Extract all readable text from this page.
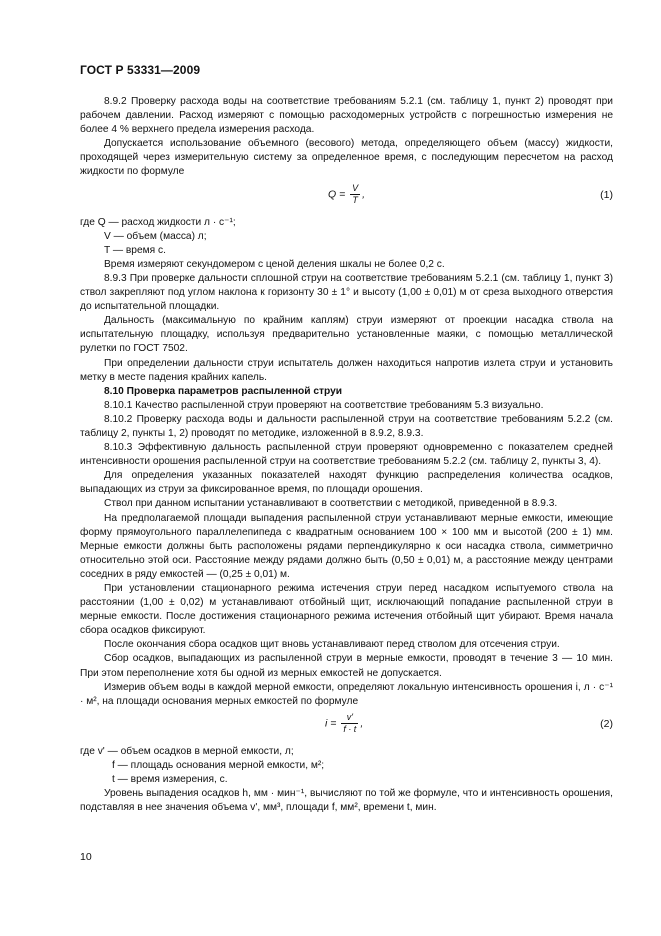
ГОСТ Р 53331—2009

8.9.2 Проверку расхода воды на соответствие требованиям 5.2.1 (см. таблицу 1, пункт 2) проводят при рабочем давлении. Расход измеряют с помощью расходомерных устройств с погрешностью измерения не более 4 % верхнего предела измерения расхода.

Допускается использование объемного (весового) метода, определяющего объем (массу) жидкости, проходящей через измерительную систему за определенное время, с последующим пересчетом на расход жидкости по формуле

$Q = \frac{V}{T}$ ,	(1)

где Q — расход жидкости л · с⁻¹;

V — объем (масса) л;

T — время с.

Время измеряют секундомером с ценой деления шкалы не более 0,2 с.

8.9.3 При проверке дальности сплошной струи на соответствие требованиям 5.2.1 (см. таблицу 1, пункт 3) ствол закрепляют под углом наклона к горизонту 30 ± 1° и высоту (1,00 ± 0,01) м от среза выходного отверстия до испытательной площадки.

Дальность (максимальную по крайним каплям) струи измеряют от проекции насадка ствола на испытательную площадку, используя предварительно установленные маяки, с помощью металлической рулетки по ГОСТ 7502.

При определении дальности струи испытатель должен находиться напротив излета струи и установить метку в месте падения крайних капель.

8.10 Проверка параметров распыленной струи

8.10.1 Качество распыленной струи проверяют на соответствие требованиям 5.3 визуально.

8.10.2 Проверку расхода воды и дальности распыленной струи на соответствие требованиям 5.2.2 (см. таблицу 2, пункты 1, 2) проводят по методике, изложенной в 8.9.2, 8.9.3.

8.10.3 Эффективную дальность распыленной струи проверяют одновременно с показателем средней интенсивности орошения распыленной струи на соответствие требованиям 5.2.2 (см. таблицу 2, пункты 3, 4).

Для определения указанных показателей находят функцию распределения количества осадков, выпадающих из струи за фиксированное время, по площади орошения.

Ствол при данном испытании устанавливают в соответствии с методикой, приведенной в 8.9.3.

На предполагаемой площади выпадения распыленной струи устанавливают мерные емкости, имеющие форму прямоугольного параллелепипеда с квадратным основанием 100 × 100 мм и высотой (200 ± 1) мм. Мерные емкости должны быть расположены рядами перпендикулярно к оси насадка ствола, симметрично относительно этой оси. Расстояние между рядами должно быть (0,50 ± 0,01) м, а расстояние между центрами соседних в ряду емкостей — (0,25 ± 0,01) м.

При установлении стационарного режима истечения струи перед насадком испытуемого ствола на расстоянии (1,00 ± 0,02) м устанавливают отбойный щит, исключающий попадание распыленной струи в мерные емкости. После достижения стационарного режима истечения отбойный щит убирают. Время начала сбора осадков фиксируют.

После окончания сбора осадков щит вновь устанавливают перед стволом для отсечения струи.

Сбор осадков, выпадающих из распыленной струи в мерные емкости, проводят в течение 3 — 10 мин. При этом переполнение хотя бы одной из мерных емкостей не допускается.

Измерив объем воды в каждой мерной емкости, определяют локальную интенсивность орошения i, л · с⁻¹ · м², на площади основания мерных емкостей по формуле

$i = \frac{v'}{f \cdot t}$ ,	(2)

где v' — объем осадков в мерной емкости, л;

f — площадь основания мерной емкости, м²;

t — время измерения, с.

Уровень выпадения осадков h, мм · мин⁻¹, вычисляют по той же формуле, что и интенсивность орошения, подставляя в нее значения объема v', мм³, площади f, мм², времени t, мин.

10
